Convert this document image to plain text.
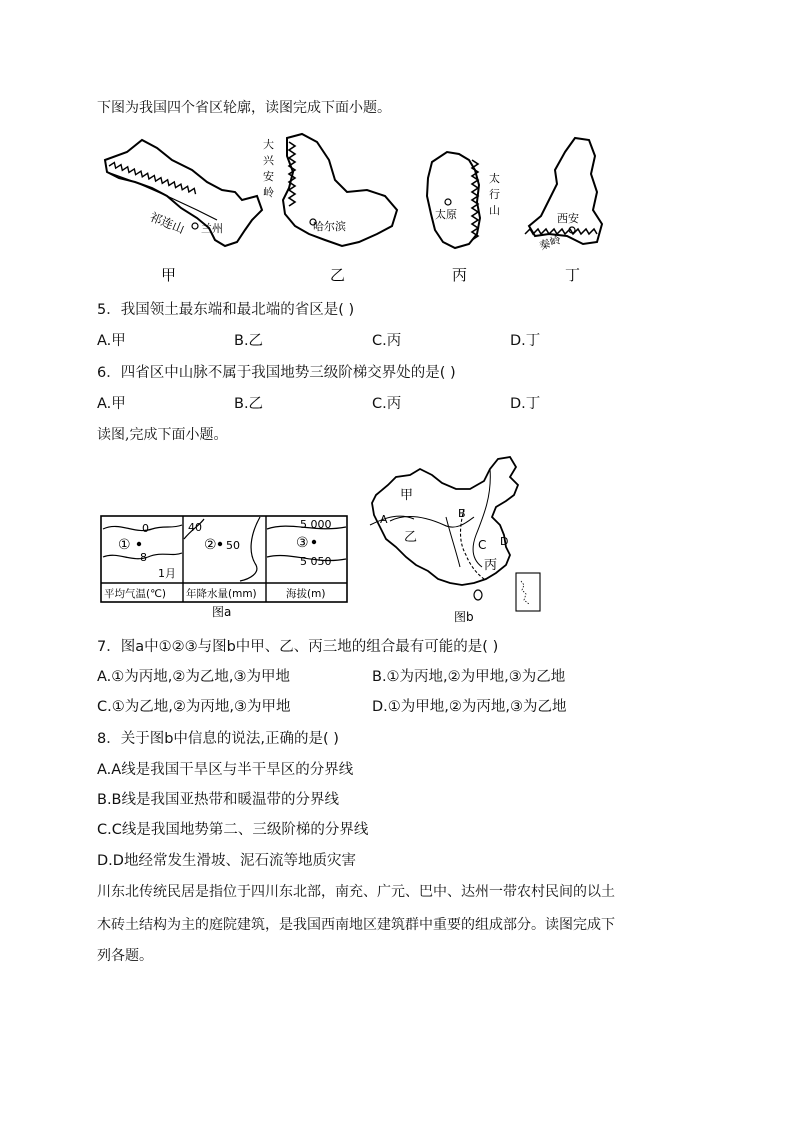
下图为我国四个省区轮廓，读图完成下面小题。
兰州
祁连山
甲
大兴安岭
哈尔滨
乙
太原
太行山
丙
西安
秦岭
丁
5．我国领土最东端和最北端的省区是( )
A.甲	B.乙	C.丙	D.丁
6．四省区中山脉不属于我国地势三级阶梯交界处的是( )
A.甲	B.乙	C.丙	D.丁
读图,完成下面小题。
0
8
①
1月
平均气温(℃)
40
② 50
年降水量(mm)
5 000
③
5 050
海拔(m)
图a
甲
A	B
乙	C D
丙
图b
7．图a中①②③与图b中甲、乙、丙三地的组合最有可能的是( )
A.①为丙地,②为乙地,③为甲地	B.①为丙地,②为甲地,③为乙地
C.①为乙地,②为丙地,③为甲地	D.①为甲地,②为丙地,③为乙地
8．关于图b中信息的说法,正确的是( )
A.A线是我国干旱区与半干旱区的分界线
B.B线是我国亚热带和暖温带的分界线
C.C线是我国地势第二、三级阶梯的分界线
D.D地经常发生滑坡、泥石流等地质灾害
川东北传统民居是指位于四川东北部，南充、广元、巴中、达州一带农村民间的以土
木砖土结构为主的庭院建筑，是我国西南地区建筑群中重要的组成部分。读图完成下
列各题。
